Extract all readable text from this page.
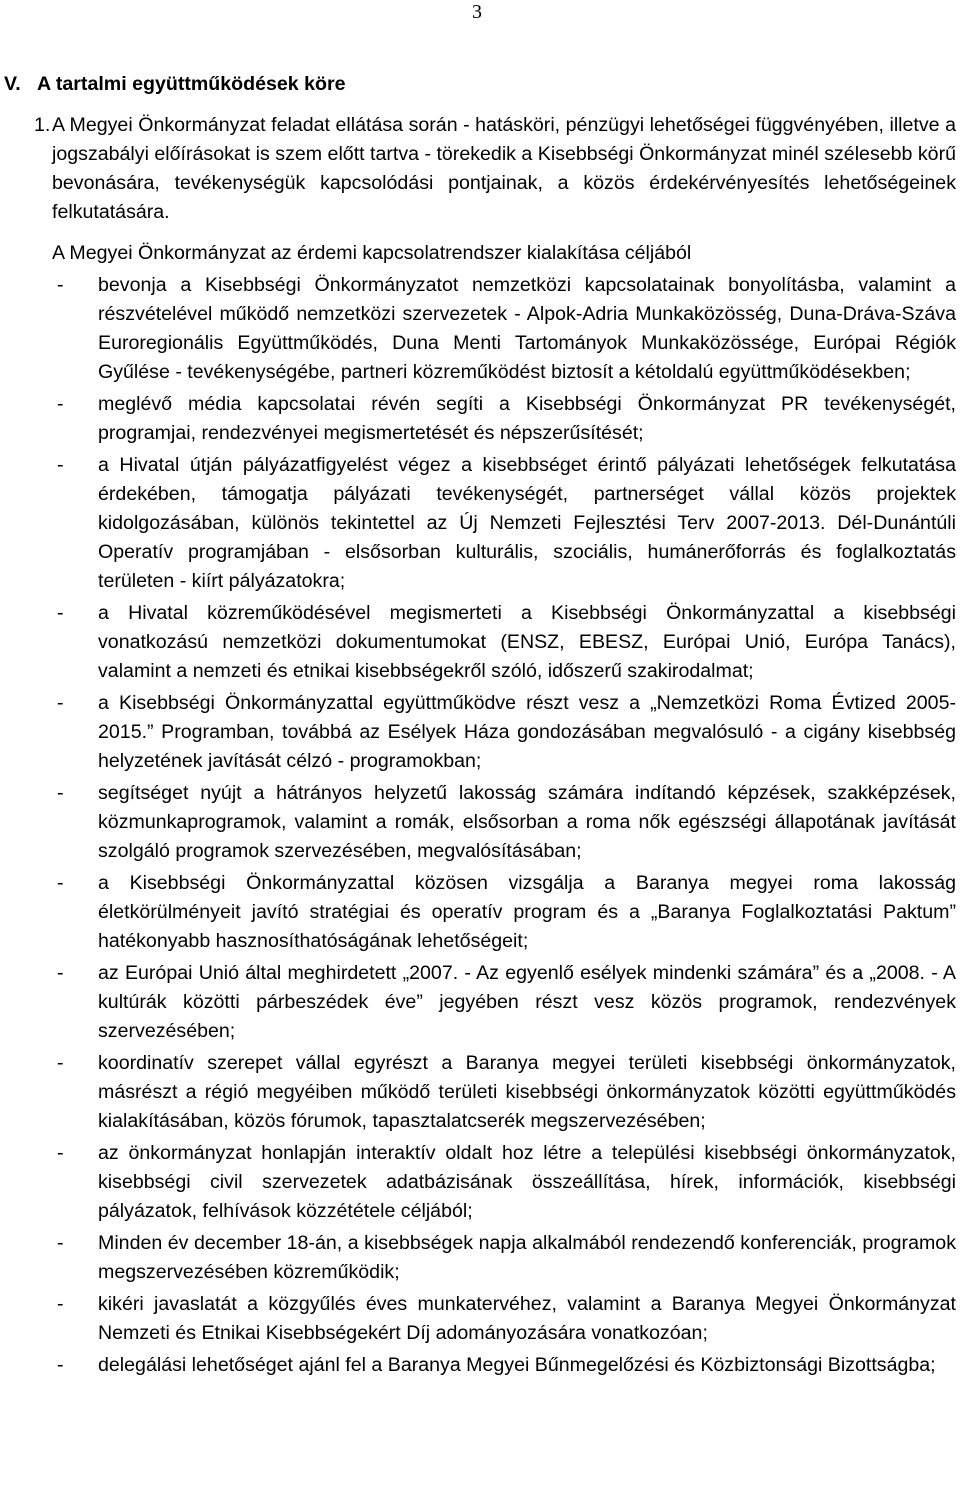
3
V. A tartalmi együttműködések köre
1. A Megyei Önkormányzat feladat ellátása során - hatásköri, pénzügyi lehetőségei függvényében, illetve a jogszabályi előírásokat is szem előtt tartva - törekedik a Kisebbségi Önkormányzat minél szélesebb körű bevonására, tevékenységük kapcsolódási pontjainak, a közös érdekérvényesítés lehetőségeinek felkutatására.
A Megyei Önkormányzat az érdemi kapcsolatrendszer kialakítása céljából
- bevonja a Kisebbségi Önkormányzatot nemzetközi kapcsolatainak bonyolításba, valamint a részvételével működő nemzetközi szervezetek - Alpok-Adria Munkaközösség, Duna-Dráva-Száva Euroregionális Együttműködés, Duna Menti Tartományok Munkaközössége, Európai Régiók Gyűlése - tevékenységébe, partneri közreműködést biztosít a kétoldalú együttműködésekben;
- meglévő média kapcsolatai révén segíti a Kisebbségi Önkormányzat PR tevékenységét, programjai, rendezvényei megismertetését és népszerűsítését;
- a Hivatal útján pályázatfigyelést végez a kisebbséget érintő pályázati lehetőségek felkutatása érdekében, támogatja pályázati tevékenységét, partnerséget vállal közös projektek kidolgozásában, különös tekintettel az Új Nemzeti Fejlesztési Terv 2007-2013. Dél-Dunántúli Operatív programjában - elsősorban kulturális, szociális, humánerőforrás és foglalkoztatás területen - kiírt pályázatokra;
- a Hivatal közreműködésével megismerteti a Kisebbségi Önkormányzattal a kisebbségi vonatkozású nemzetközi dokumentumokat (ENSZ, EBESZ, Európai Unió, Európa Tanács), valamint a nemzeti és etnikai kisebbségekről szóló, időszerű szakirodalmat;
- a Kisebbségi Önkormányzattal együttműködve részt vesz a „Nemzetközi Roma Évtized 2005-2015.” Programban, továbbá az Esélyek Háza gondozásában megvalósuló - a cigány kisebbség helyzetének javítását célzó - programokban;
- segítséget nyújt a hátrányos helyzetű lakosság számára indítandó képzések, szakképzések, közmunkaprogramok, valamint a romák, elsősorban a roma nők egészségi állapotának javítását szolgáló programok szervezésében, megvalósításában;
- a Kisebbségi Önkormányzattal közösen vizsgálja a Baranya megyei roma lakosság életkörülményeit javító stratégiai és operatív program és a „Baranya Foglalkoztatási Paktum” hatékonyabb hasznosíthatóságának lehetőségeit;
- az Európai Unió által meghirdetett „2007. - Az egyenlő esélyek mindenki számára” és a „2008. - A kultúrák közötti párbeszédek éve” jegyében részt vesz közös programok, rendezvények szervezésében;
- koordinatív szerepet vállal egyrészt a Baranya megyei területi kisebbségi önkormányzatok, másrészt a régió megyéiben működő területi kisebbségi önkormányzatok közötti együttműködés kialakításában, közös fórumok, tapasztalatcserék megszervezésében;
- az önkormányzat honlapján interaktív oldalt hoz létre a települési kisebbségi önkormányzatok, kisebbségi civil szervezetek adatbázisának összeállítása, hírek, információk, kisebbségi pályázatok, felhívások közzététele céljából;
- Minden év december 18-án, a kisebbségek napja alkalmából rendezendő konferenciák, programok megszervezésében közreműködik;
- kikéri javaslatát a közgyűlés éves munkatervéhez, valamint a Baranya Megyei Önkormányzat Nemzeti és Etnikai Kisebbségekért Díj adományozására vonatkozóan;
- delegálási lehetőséget ajánl fel a Baranya Megyei Bűnmegelőzési és Közbiztonsági Bizottságba;
